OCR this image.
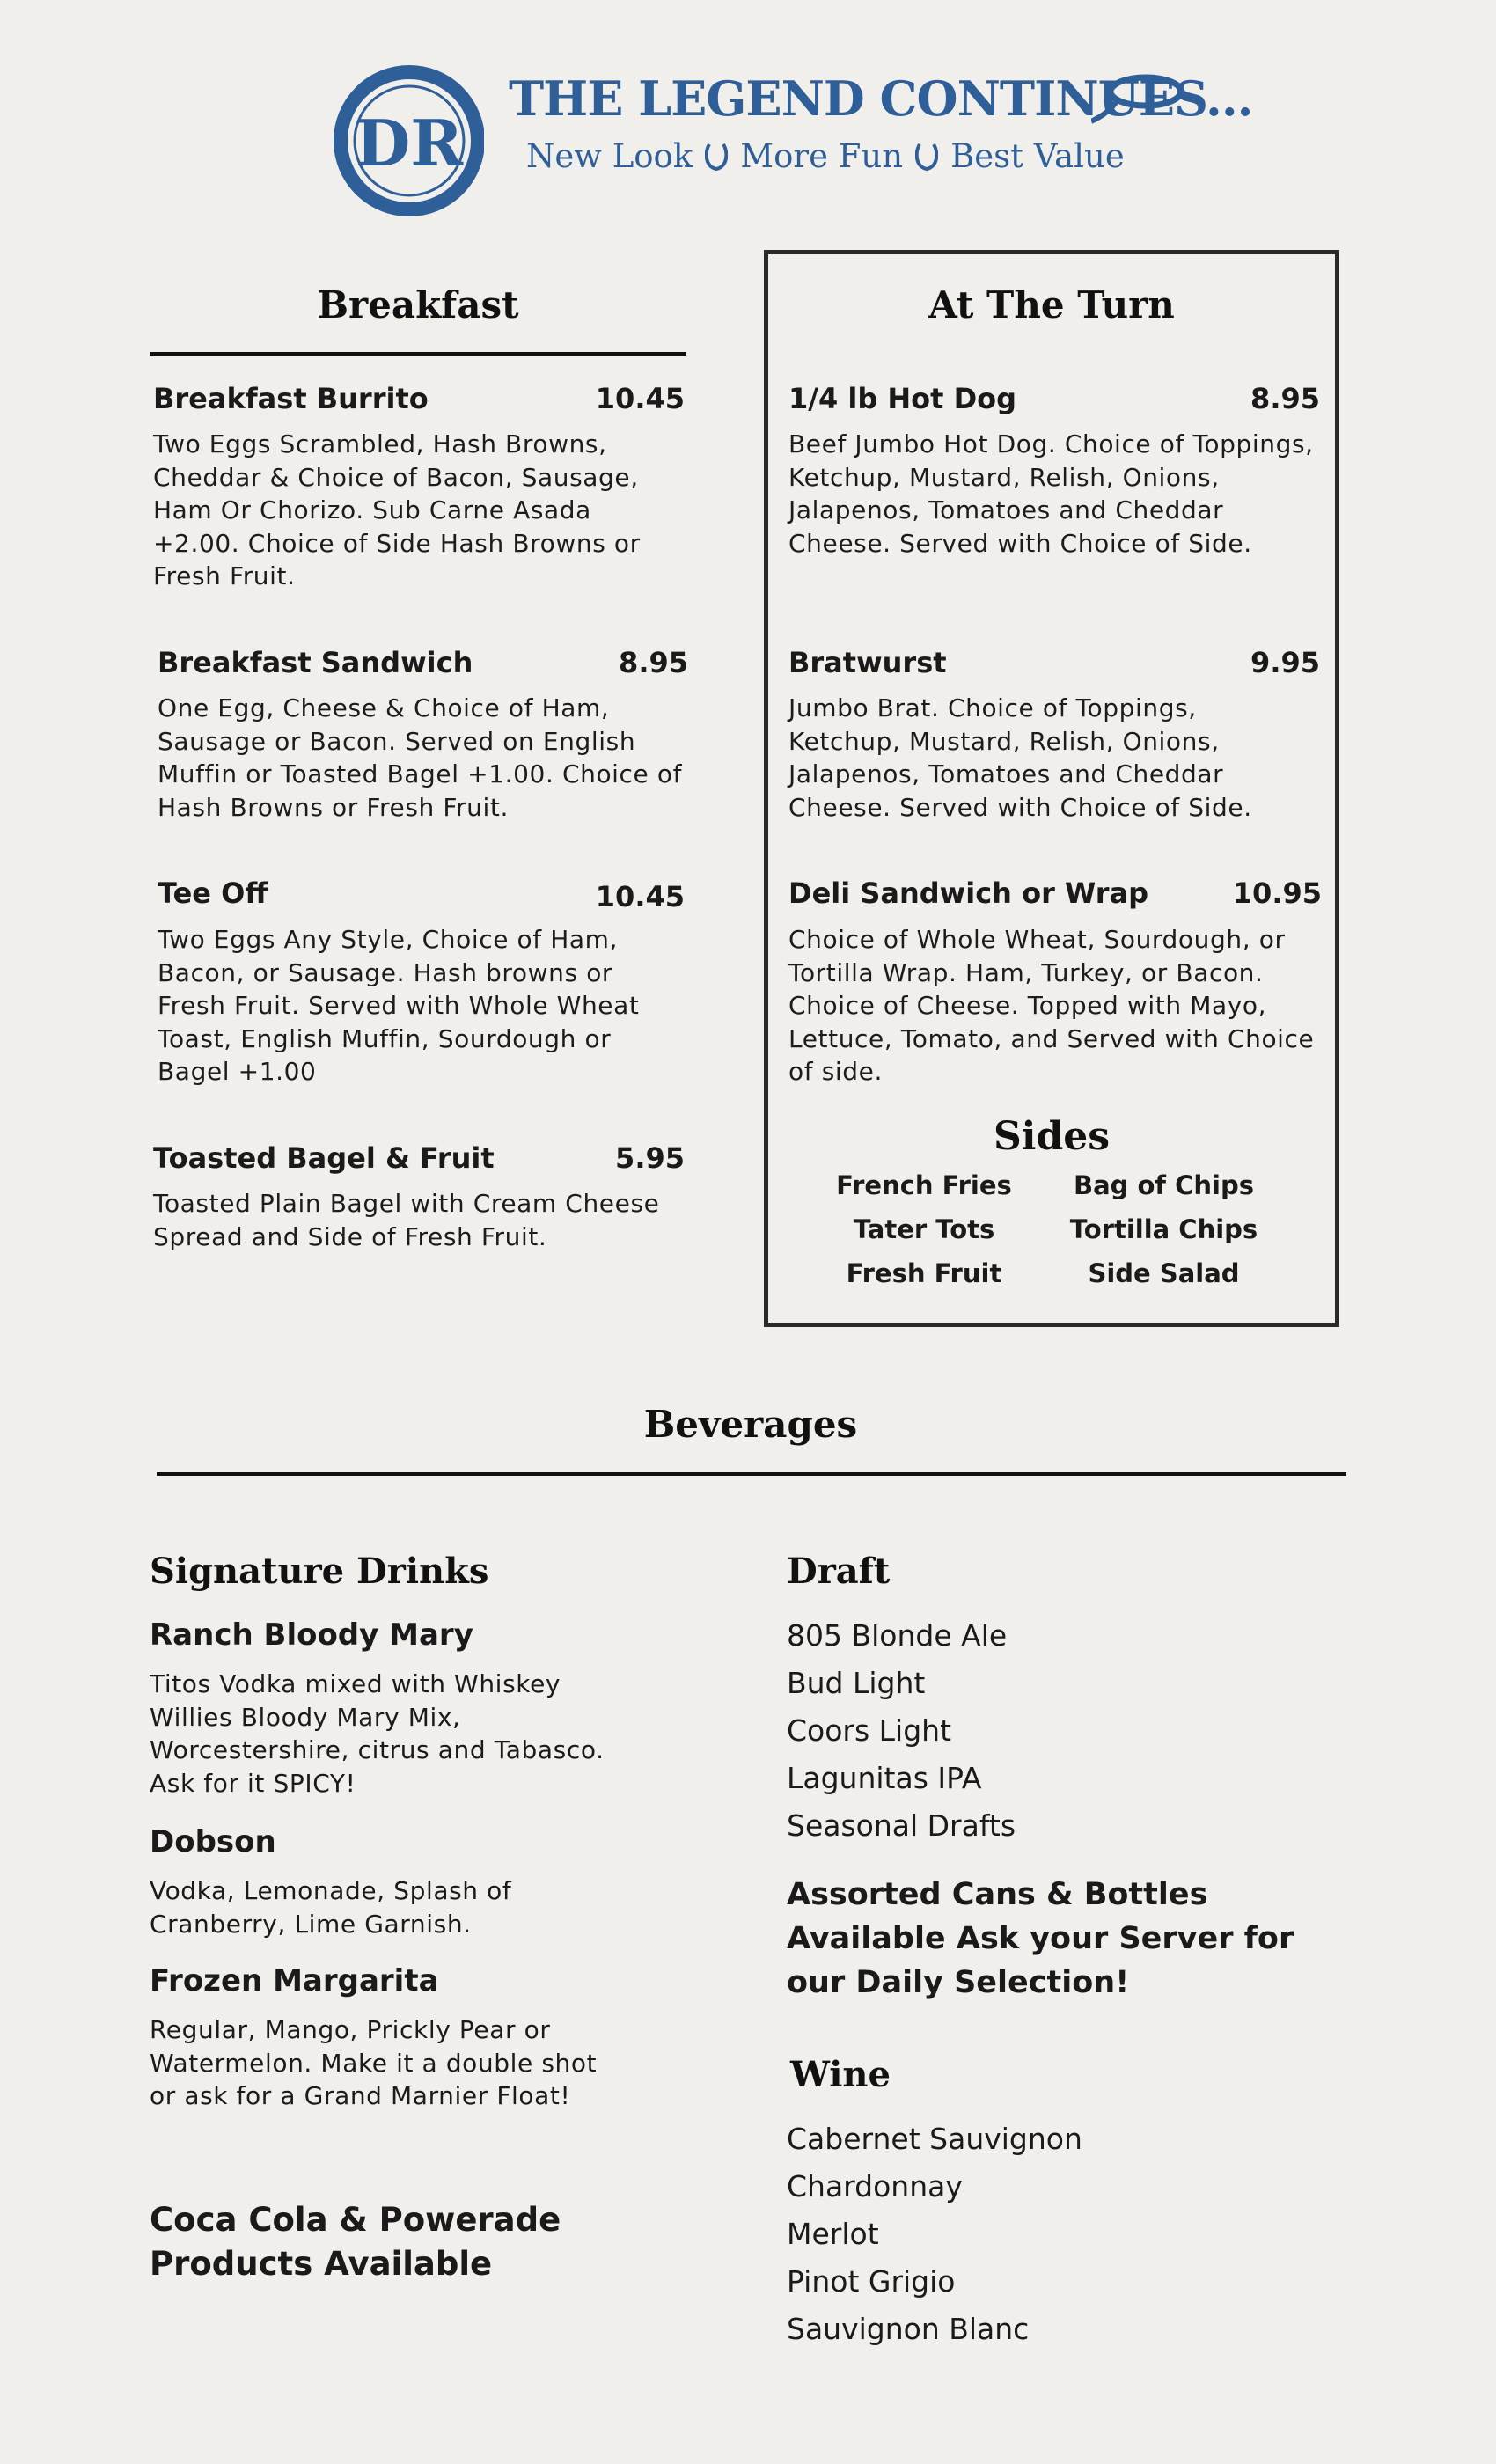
DR
THE LEGEND CONTINUES...
New Look More Fun Best Value
Breakfast
Breakfast Burrito	10.45
Two Eggs Scrambled, Hash Browns, Cheddar & Choice of Bacon, Sausage, Ham Or Chorizo. Sub Carne Asada +2.00. Choice of Side Hash Browns or Fresh Fruit.
Breakfast Sandwich	8.95
One Egg, Cheese & Choice of Ham, Sausage or Bacon. Served on English Muffin or Toasted Bagel +1.00. Choice of Hash Browns or Fresh Fruit.
Tee Off	10.45
Two Eggs Any Style, Choice of Ham, Bacon, or Sausage. Hash browns or Fresh Fruit. Served with Whole Wheat Toast, English Muffin, Sourdough or Bagel +1.00
Toasted Bagel & Fruit	5.95
Toasted Plain Bagel with Cream Cheese Spread and Side of Fresh Fruit.
At The Turn
1/4 lb Hot Dog	8.95
Beef Jumbo Hot Dog. Choice of Toppings, Ketchup, Mustard, Relish, Onions, Jalapenos, Tomatoes and Cheddar Cheese. Served with Choice of Side.
Bratwurst	9.95
Jumbo Brat. Choice of Toppings, Ketchup, Mustard, Relish, Onions, Jalapenos, Tomatoes and Cheddar Cheese. Served with Choice of Side.
Deli Sandwich or Wrap	10.95
Choice of Whole Wheat, Sourdough, or Tortilla Wrap. Ham, Turkey, or Bacon. Choice of Cheese. Topped with Mayo, Lettuce, Tomato, and Served with Choice of side.
Sides
French Fries	Bag of Chips
Tater Tots	Tortilla Chips
Fresh Fruit	Side Salad
Beverages
Signature Drinks
Ranch Bloody Mary
Titos Vodka mixed with Whiskey Willies Bloody Mary Mix, Worcestershire, citrus and Tabasco. Ask for it SPICY!
Dobson
Vodka, Lemonade, Splash of Cranberry, Lime Garnish.
Frozen Margarita
Regular, Mango, Prickly Pear or Watermelon. Make it a double shot or ask for a Grand Marnier Float!
Coca Cola & Powerade Products Available
Draft
805 Blonde Ale
Bud Light
Coors Light
Lagunitas IPA
Seasonal Drafts
Assorted Cans & Bottles Available Ask your Server for our Daily Selection!
Wine
Cabernet Sauvignon
Chardonnay
Merlot
Pinot Grigio
Sauvignon Blanc
